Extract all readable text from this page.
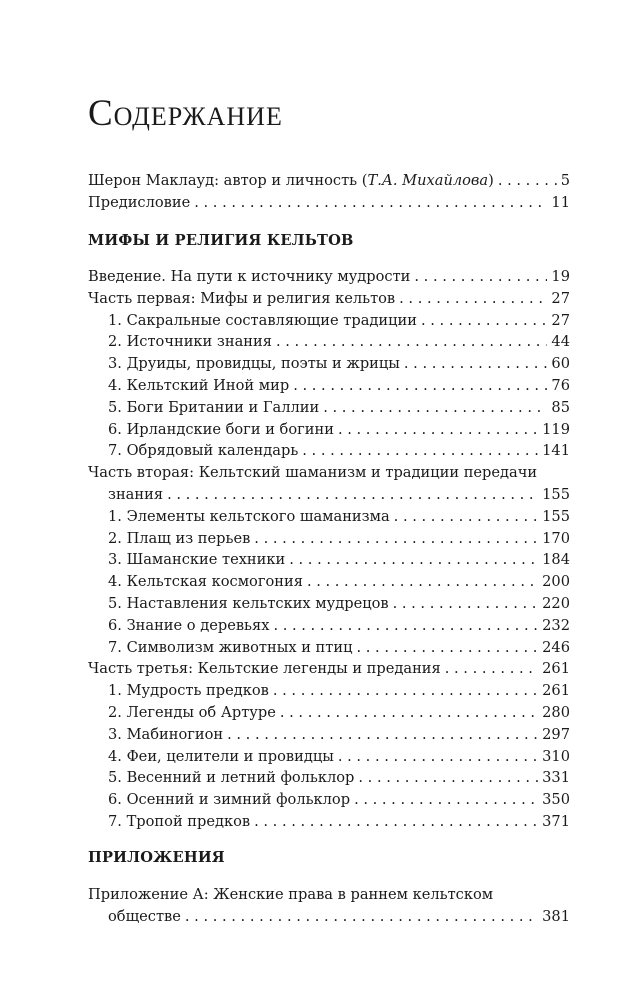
Содержание
Шерон Маклауд: автор и личность (Т.А. Михайлова) . . .	5
Предисловие . . .	11
МИФЫ И РЕЛИГИЯ КЕЛЬТОВ
Введение. На пути к источнику мудрости . . .	19
Часть первая: Мифы и религия кельтов . . .	27
1. Сакральные составляющие традиции . . .	27
2. Источники знания . . .	44
3. Друиды, провидцы, поэты и жрицы . . .	60
4. Кельтский Иной мир . . .	76
5. Боги Британии и Галлии . . .	85
6. Ирландские боги и богини . . .	119
7. Обрядовый календарь . . .	141
Часть вторая: Кельтский шаманизм и традиции передачи
знания . . .	155
1. Элементы кельтского шаманизма . . .	155
2. Плащ из перьев . . .	170
3. Шаманские техники . . .	184
4. Кельтская космогония . . .	200
5. Наставления кельтских мудрецов . . .	220
6. Знание о деревьях . . .	232
7. Символизм животных и птиц . . .	246
Часть третья: Кельтские легенды и предания . . .	261
1. Мудрость предков . . .	261
2. Легенды об Артуре . . .	280
3. Мабиногион . . .	297
4. Феи, целители и провидцы . . .	310
5. Весенний и летний фольклор . . .	331
6. Осенний и зимний фольклор . . .	350
7. Тропой предков . . .	371
ПРИЛОЖЕНИЯ
Приложение А: Женские права в раннем кельтском
обществе . . .	381
